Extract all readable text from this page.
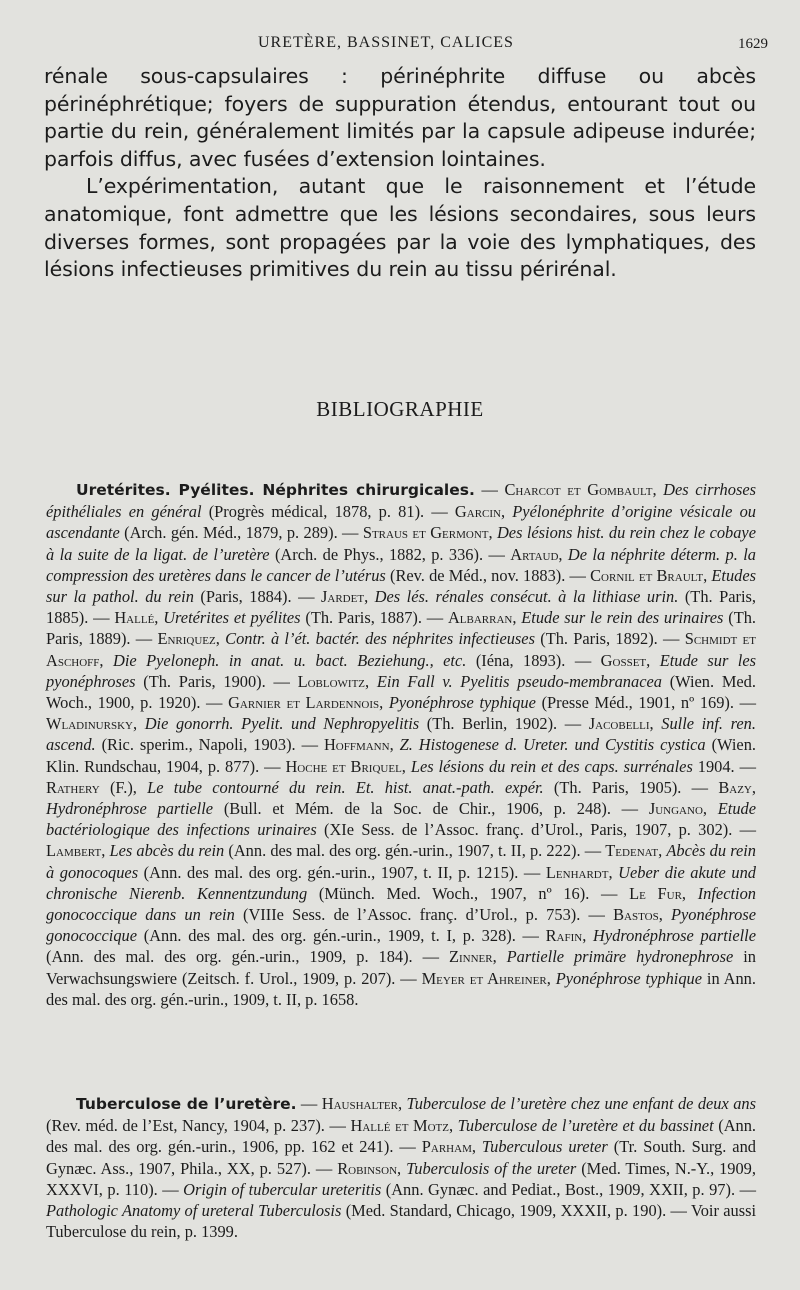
URETÈRE, BASSINET, CALICES	1629

rénale sous-capsulaires : périnéphrite diffuse ou abcès périnéphrétique; foyers de suppuration étendus, entourant tout ou partie du rein, généralement limités par la capsule adipeuse indurée; parfois diffus, avec fusées d’extension lointaines.

L’expérimentation, autant que le raisonnement et l’étude anatomique, font admettre que les lésions secondaires, sous leurs diverses formes, sont propagées par la voie des lymphatiques, des lésions infectieuses primitives du rein au tissu périrénal.

BIBLIOGRAPHIE

Uretérites. Pyélites. Néphrites chirurgicales. — Charcot et Gombault, Des cirrhoses épithéliales en général (Progrès médical, 1878, p. 81). — Garcin, Pyélonéphrite d’origine vésicale ou ascendante (Arch. gén. Méd., 1879, p. 289). — Straus et Germont, Des lésions hist. du rein chez le cobaye à la suite de la ligat. de l’uretère (Arch. de Phys., 1882, p. 336). — Artaud, De la néphrite déterm. p. la compression des uretères dans le cancer de l’utérus (Rev. de Méd., nov. 1883). — Cornil et Brault, Etudes sur la pathol. du rein (Paris, 1884). — Jardet, Des lés. rénales consécut. à la lithiase urin. (Th. Paris, 1885). — Hallé, Uretérites et pyélites (Th. Paris, 1887). — Albarran, Etude sur le rein des urinaires (Th. Paris, 1889). — Enriquez, Contr. à l’ét. bactér. des néphrites infectieuses (Th. Paris, 1892). — Schmidt et Aschoff, Die Pyeloneph. in anat. u. bact. Beziehung., etc. (Iéna, 1893). — Gosset, Etude sur les pyonéphroses (Th. Paris, 1900). — Loblowitz, Ein Fall v. Pyelitis pseudo-membranacea (Wien. Med. Woch., 1900, p. 1920). — Garnier et Lardennois, Pyonéphrose typhique (Presse Méd., 1901, nº 169). — Wladinursky, Die gonorrh. Pyelit. und Nephropyelitis (Th. Berlin, 1902). — Jacobelli, Sulle inf. ren. ascend. (Ric. sperim., Napoli, 1903). — Hoffmann, Z. Histogenese d. Ureter. und Cystitis cystica (Wien. Klin. Rundschau, 1904, p. 877). — Hoche et Briquel, Les lésions du rein et des caps. surrénales 1904. — Rathery (F.), Le tube contourné du rein. Et. hist. anat.-path. expér. (Th. Paris, 1905). — Bazy, Hydronéphrose partielle (Bull. et Mém. de la Soc. de Chir., 1906, p. 248). — Jungano, Etude bactériologique des infections urinaires (XIe Sess. de l’Assoc. franç. d’Urol., Paris, 1907, p. 302). — Lambert, Les abcès du rein (Ann. des mal. des org. gén.-urin., 1907, t. II, p. 222). — Tedenat, Abcès du rein à gonocoques (Ann. des mal. des org. gén.-urin., 1907, t. II, p. 1215). — Lenhardt, Ueber die akute und chronische Nierenb. Kennentzundung (Münch. Med. Woch., 1907, nº 16). — Le Fur, Infection gonococcique dans un rein (VIIIe Sess. de l’Assoc. franç. d’Urol., p. 753). — Bastos, Pyonéphrose gonococcique (Ann. des mal. des org. gén.-urin., 1909, t. I, p. 328). — Rafin, Hydronéphrose partielle (Ann. des mal. des org. gén.-urin., 1909, p. 184). — Zinner, Partielle primäre hydronephrose in Verwachsungswiere (Zeitsch. f. Urol., 1909, p. 207). — Meyer et Ahreiner, Pyonéphrose typhique in Ann. des mal. des org. gén.-urin., 1909, t. II, p. 1658.

Tuberculose de l’uretère. — Haushalter, Tuberculose de l’uretère chez une enfant de deux ans (Rev. méd. de l’Est, Nancy, 1904, p. 237). — Hallé et Motz, Tuberculose de l’uretère et du bassinet (Ann. des mal. des org. gén.-urin., 1906, pp. 162 et 241). — Parham, Tuberculous ureter (Tr. South. Surg. and Gynæc. Ass., 1907, Phila., XX, p. 527). — Robinson, Tuberculosis of the ureter (Med. Times, N.-Y., 1909, XXXVI, p. 110). — Origin of tubercular ureteritis (Ann. Gynæc. and Pediat., Bost., 1909, XXII, p. 97). — Pathologic Anatomy of ureteral Tuberculosis (Med. Standard, Chicago, 1909, XXXII, p. 190). — Voir aussi Tuberculose du rein, p. 1399.
